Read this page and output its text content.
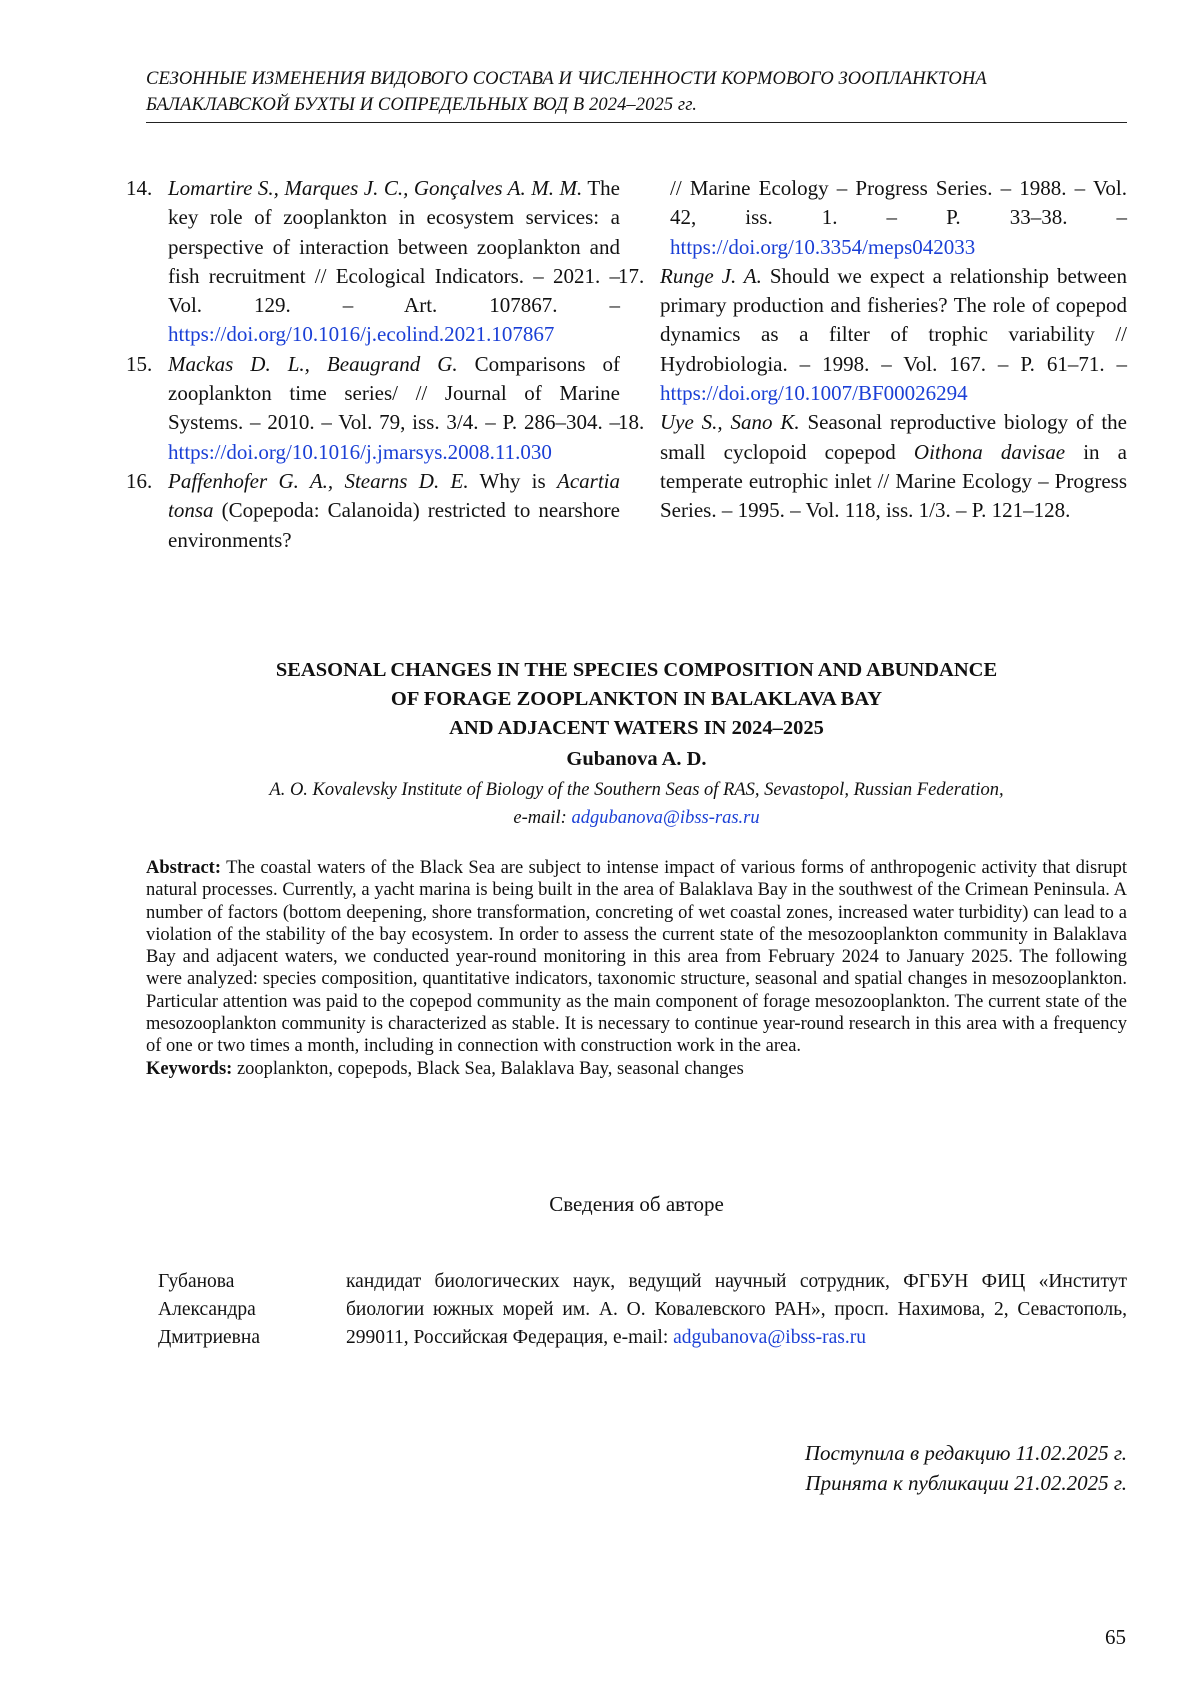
СЕЗОННЫЕ ИЗМЕНЕНИЯ ВИДОВОГО СОСТАВА И ЧИСЛЕННОСТИ КОРМОВОГО ЗООПЛАНКТОНА
БАЛАКЛАВСКОЙ БУХТЫ И СОПРЕДЕЛЬНЫХ ВОД В 2024–2025 гг.
14. Lomartire S., Marques J. C., Gonçalves A. M. M. The key role of zooplankton in ecosystem services: a perspective of interaction between zooplankton and fish recruitment // Ecological Indicators. – 2021. – Vol. 129. – Art. 107867. – https://doi.org/10.1016/j.ecolind.2021.107867
15. Mackas D. L., Beaugrand G. Comparisons of zooplankton time series/ // Journal of Marine Systems. – 2010. – Vol. 79, iss. 3/4. – P. 286–304. – https://doi.org/10.1016/j.jmarsys.2008.11.030
16. Paffenhofer G. A., Stearns D. E. Why is Acartia tonsa (Copepoda: Calanoida) restricted to nearshore environments?
// Marine Ecology – Progress Series. – 1988. – Vol. 42, iss. 1. – P. 33–38. – https://doi.org/10.3354/meps042033
17. Runge J. A. Should we expect a relationship between primary production and fisheries? The role of copepod dynamics as a filter of trophic variability // Hydrobiologia. – 1998. – Vol. 167. – P. 61–71. – https://doi.org/10.1007/BF00026294
18. Uye S., Sano K. Seasonal reproductive biology of the small cyclopoid copepod Oithona davisae in a temperate eutrophic inlet // Marine Ecology – Progress Series. – 1995. – Vol. 118, iss. 1/3. – P. 121–128.
SEASONAL CHANGES IN THE SPECIES COMPOSITION AND ABUNDANCE
OF FORAGE ZOOPLANKTON IN BALAKLAVA BAY
AND ADJACENT WATERS IN 2024–2025
Gubanova A. D.
A. O. Kovalevsky Institute of Biology of the Southern Seas of RAS, Sevastopol, Russian Federation,
e-mail: adgubanova@ibss-ras.ru
Abstract: The coastal waters of the Black Sea are subject to intense impact of various forms of anthropogenic activity that disrupt natural processes. Currently, a yacht marina is being built in the area of Balaklava Bay in the southwest of the Crimean Peninsula. A number of factors (bottom deepening, shore transformation, concreting of wet coastal zones, increased water turbidity) can lead to a violation of the stability of the bay ecosystem. In order to assess the current state of the mesozooplankton community in Balaklava Bay and adjacent waters, we conducted year-round monitoring in this area from February 2024 to January 2025. The following were analyzed: species composition, quantitative indicators, taxonomic structure, seasonal and spatial changes in mesozooplankton. Particular attention was paid to the copepod community as the main component of forage mesozooplankton. The current state of the mesozooplankton community is characterized as stable. It is necessary to continue year-round research in this area with a frequency of one or two times a month, including in connection with construction work in the area.
Keywords: zooplankton, copepods, Black Sea, Balaklava Bay, seasonal changes
Сведения об авторе
Губанова
Александра
Дмитриевна
кандидат биологических наук, ведущий научный сотрудник, ФГБУН ФИЦ «Институт биологии южных морей им. А. О. Ковалевского РАН», просп. Нахимова, 2, Севастополь, 299011, Российская Федерация, e-mail: adgubanova@ibss-ras.ru
Поступила в редакцию 11.02.2025 г.
Принята к публикации 21.02.2025 г.
65
